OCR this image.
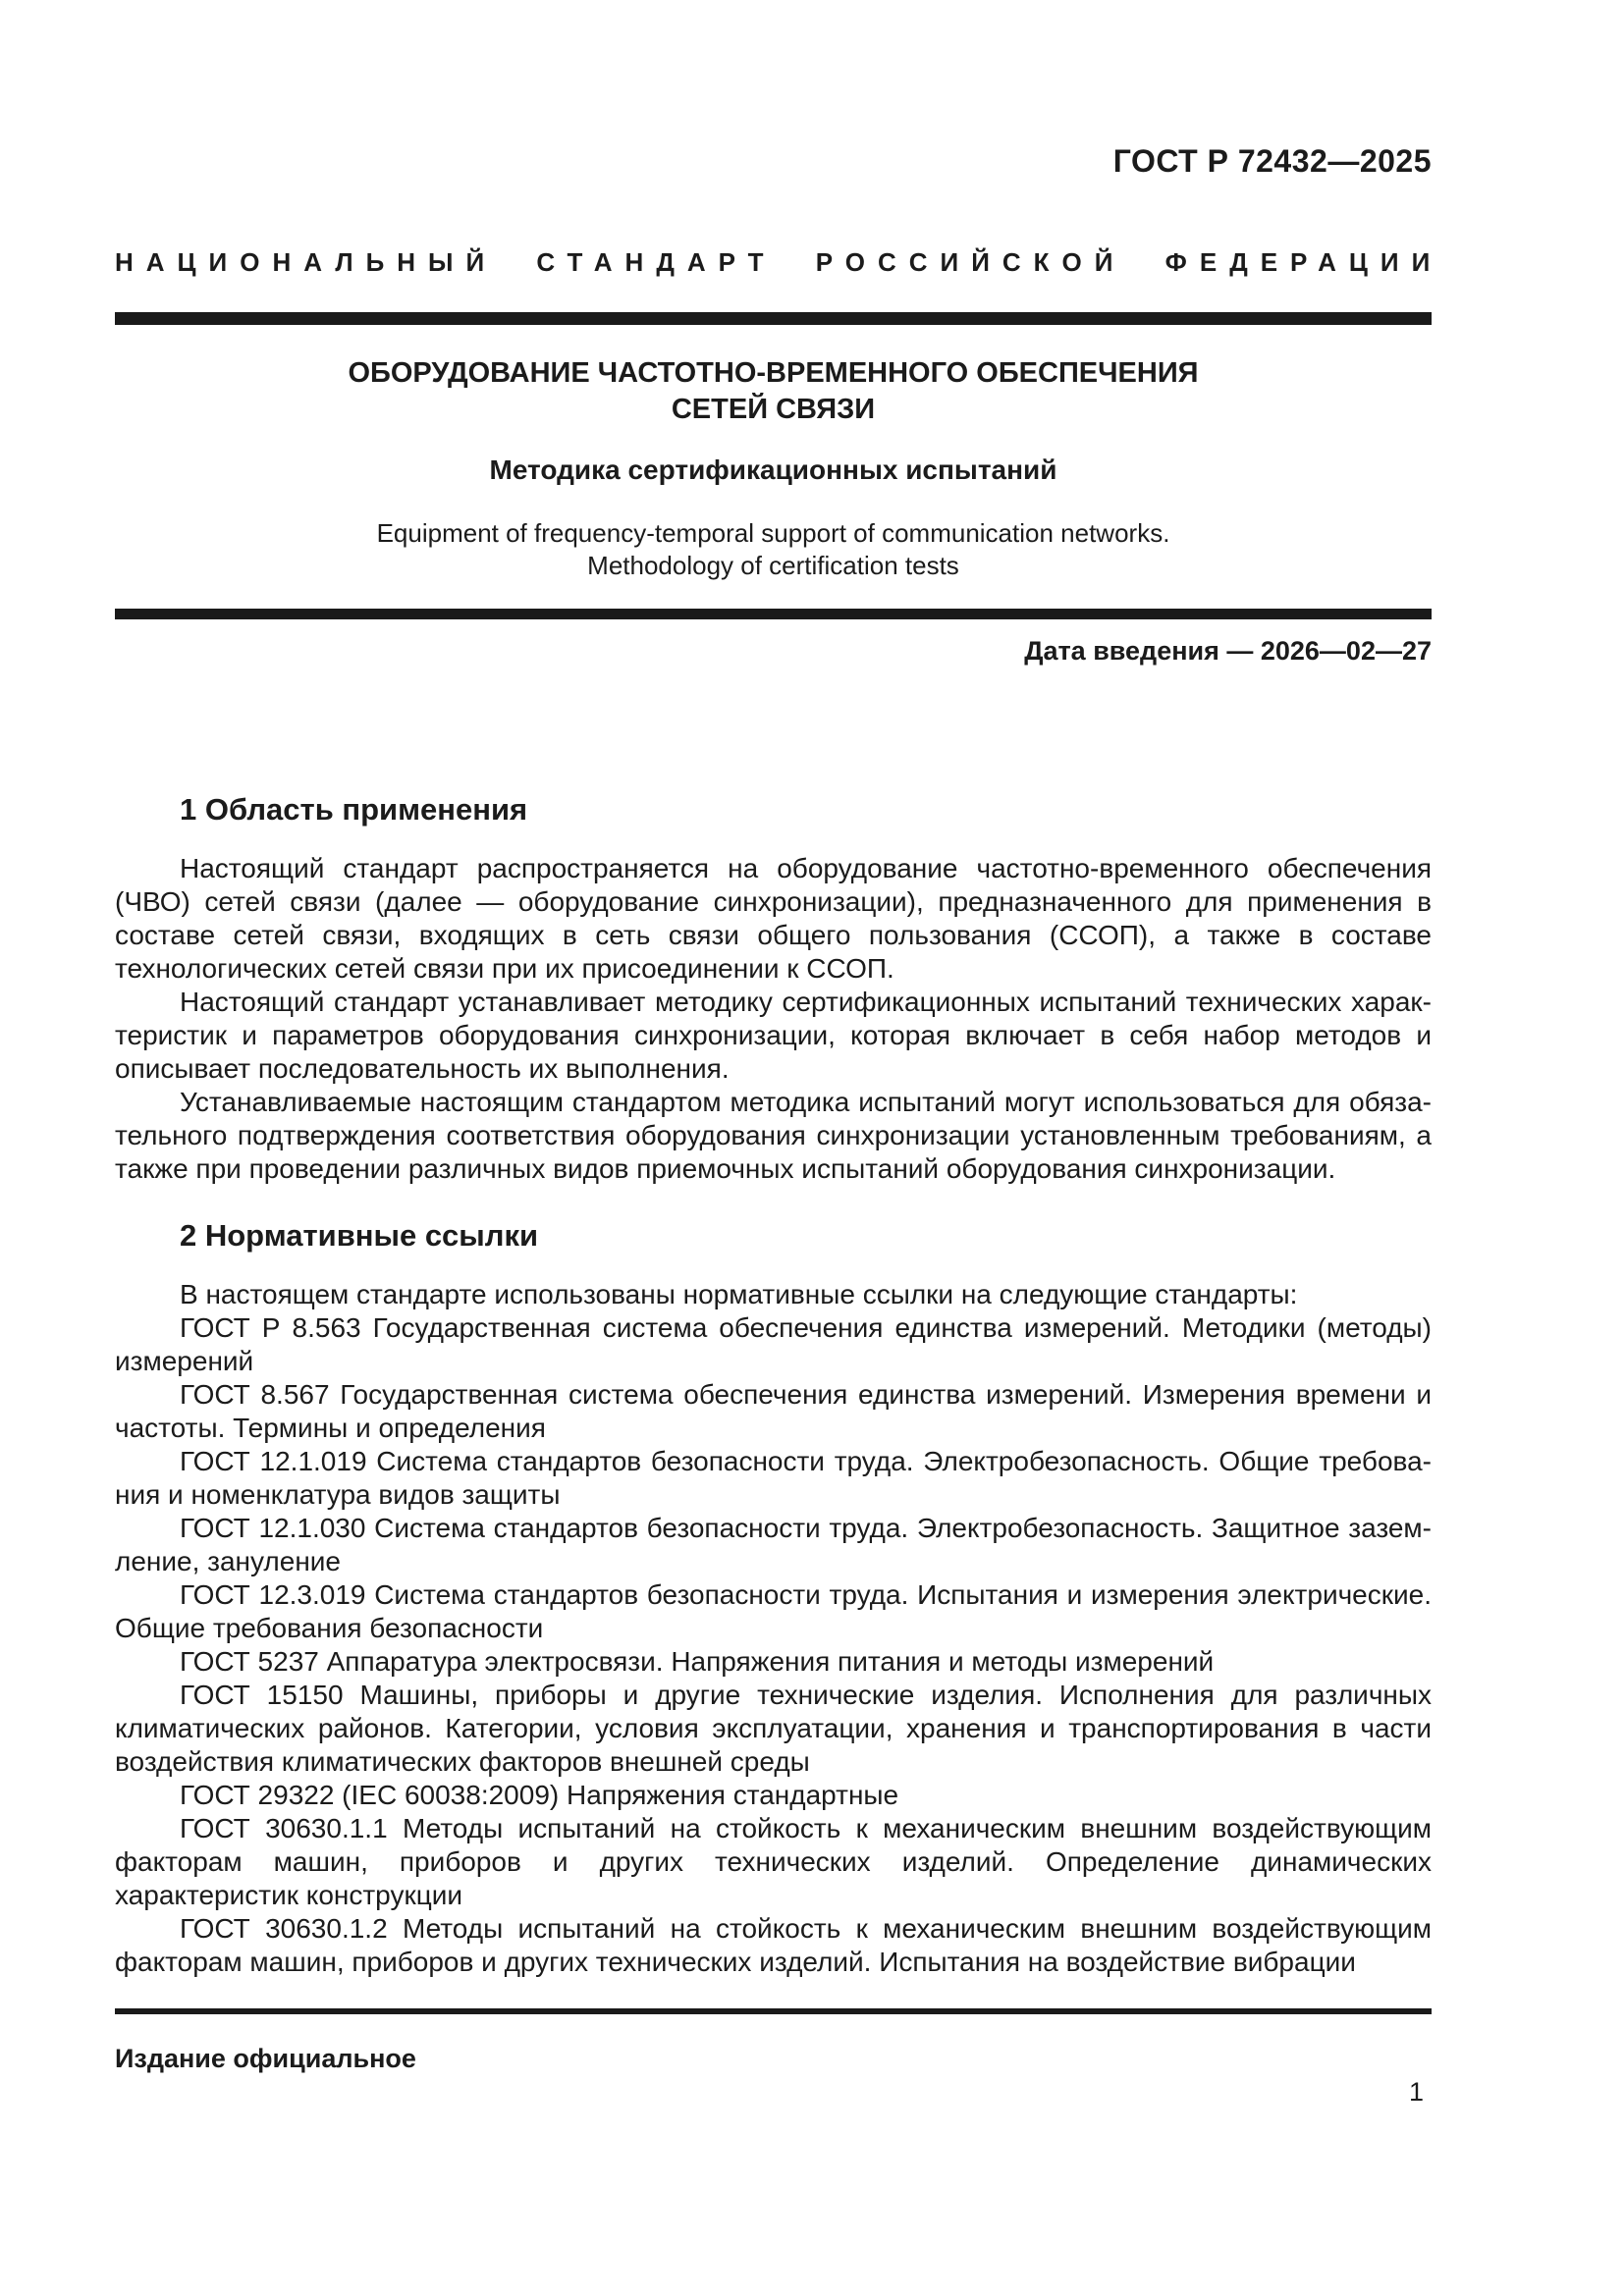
ГОСТ Р 72432—2025
НАЦИОНАЛЬНЫЙ СТАНДАРТ РОССИЙСКОЙ ФЕДЕРАЦИИ
ОБОРУДОВАНИЕ ЧАСТОТНО-ВРЕМЕННОГО ОБЕСПЕЧЕНИЯ
СЕТЕЙ СВЯЗИ
Методика сертификационных испытаний
Equipment of frequency-temporal support of communication networks.
Methodology of certification tests
Дата введения — 2026—02—27
1 Область применения

Настоящий стандарт распространяется на оборудование частотно-временного обеспечения (ЧВО) сетей связи (далее — оборудование синхронизации), предназначенного для применения в составе сетей связи, входящих в сеть связи общего пользования (ССОП), а также в составе технологических сетей связи при их присоединении к ССОП.

Настоящий стандарт устанавливает методику сертификационных испытаний технических характеристик и параметров оборудования синхронизации, которая включает в себя набор методов и описывает последовательность их выполнения.

Устанавливаемые настоящим стандартом методика испытаний могут использоваться для обязательного подтверждения соответствия оборудования синхронизации установленным требованиям, а также при проведении различных видов приемочных испытаний оборудования синхронизации.

2 Нормативные ссылки

В настоящем стандарте использованы нормативные ссылки на следующие стандарты:

ГОСТ Р 8.563 Государственная система обеспечения единства измерений. Методики (методы) измерений

ГОСТ 8.567 Государственная система обеспечения единства измерений. Измерения времени и частоты. Термины и определения

ГОСТ 12.1.019 Система стандартов безопасности труда. Электробезопасность. Общие требования и номенклатура видов защиты

ГОСТ 12.1.030 Система стандартов безопасности труда. Электробезопасность. Защитное заземление, зануление

ГОСТ 12.3.019 Система стандартов безопасности труда. Испытания и измерения электрические. Общие требования безопасности

ГОСТ 5237 Аппаратура электросвязи. Напряжения питания и методы измерений

ГОСТ 15150 Машины, приборы и другие технические изделия. Исполнения для различных климатических районов. Категории, условия эксплуатации, хранения и транспортирования в части воздействия климатических факторов внешней среды

ГОСТ 29322 (IEC 60038:2009) Напряжения стандартные

ГОСТ 30630.1.1 Методы испытаний на стойкость к механическим внешним воздействующим факторам машин, приборов и других технических изделий. Определение динамических характеристик конструкции

ГОСТ 30630.1.2 Методы испытаний на стойкость к механическим внешним воздействующим факторам машин, приборов и других технических изделий. Испытания на воздействие вибрации

Издание официальное
1
